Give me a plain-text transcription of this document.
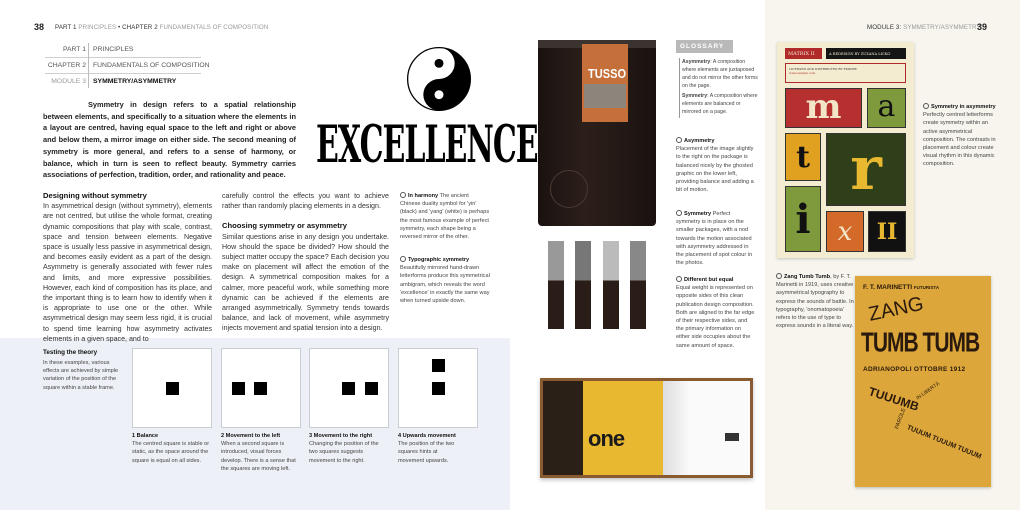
38 PART 1 PRINCIPLES • CHAPTER 2 FUNDAMENTALS OF COMPOSITION
PART 1 PRINCIPLES
CHAPTER 2 FUNDAMENTALS OF COMPOSITION
MODULE 3 SYMMETRY/ASYMMETRY
Symmetry in design refers to a spatial relationship between elements, and specifically to a situation where the elements in a layout are centred, having equal space to the left and right or above and below them, a mirror image on either side. The second meaning of symmetry is more general, and refers to a sense of harmony, or balance, which in turn is seen to reflect beauty. Symmetry carries associations of perfection, tradition, order, and rationality and peace.	EXCELLENCE
Designing without symmetry

In asymmetrical design (without symmetry), elements are not centred, but utilise the whole format, creating dynamic compositions that play with scale, contrast, space and tension between elements. Negative space is usually less passive in asymmetrical design, and becomes easily evident as a part of the design. Asymmetry is generally associated with fewer rules and limits, and more expressive possibilities. However, each kind of composition has its place, and the important thing is to learn how to identify when it is appropriate to use one or the other. While asymmetrical design may seem less rigid, it is crucial to spend time learning how asymmetry activates elements in a given space, and to

carefully control the effects you want to achieve rather than randomly placing elements in a design.

Choosing symmetry or asymmetry

Similar questions arise in any design you undertake. How should the space be divided? How should the subject matter occupy the space? Each decision you make on placement will affect the emotion of the design. A symmetrical composition makes for a calmer, more peaceful work, while something more dynamic can be achieved if the elements are arranged asymmetrically. Symmetry tends towards balance, and lack of movement, while asymmetry injects movement and spatial tension into a design.

In harmony The ancient Chinese duality symbol for 'yin' (black) and 'yang' (white) is perhaps the most famous example of perfect symmetry, each shape being a reversed mirror of the other.
Typographic symmetry
Beautifully mirrored hand-drawn letterforms produce this symmetrical ambigram, which reveals the word 'excellence' in exactly the same way when turned upside down.
Testing the theory
In these examples, various effects are achieved by simple variation of the position of the square within a stable frame.
1 Balance
The centred square is stable or static, as the space around the square is equal on all sides.
2 Movement to the left
When a second square is introduced, visual forces develop. There is a sense that the squares are moving left.
3 Movement to the right
Changing the position of the two squares suggests movement to the right.
4 Upwards movement
The position of the two squares hints at movement upwards.
MODULE 3: SYMMETRY/ASYMMETRY
39
TUSSO
GLOSSARY

Asymmetry: A composition where elements are juxtaposed and do not mirror the other forms on the page.

Symmetry: A composition where elements are balanced or mirrored on a page.

Asymmetry
Placement of the image slightly to the right on the package is balanced nicely by the ghosted graphic on the lower left, providing balance and adding a bit of motion.
Symmetry Perfect symmetry is in place on the smaller packages, with a nod towards the motion associated with asymmetry addressed in the placement of spot colour in the photos.
Different but equal
Equal weight is represented on opposite sides of this clean publication design composition. Both are aligned to the far edge of their respective sides, and the primary information on either side occupies about the same amount of space.
one
MATRIX II	A REDESIGN BY ZUZANA LICKO
LICENSED AND DISTRIBUTED BY EMIGRE
www.emigre.com
m	a
t r
i	x	II
Symmetry in asymmetry
Perfectly centred letterforms create symmetry within an active asymmetrical composition. The contrasts in placement and colour create visual rhythm in this dynamic composition.
Zang Tumb Tumb, by F. T. Marinetti in 1919, uses creative asymmetrical typography to express the sounds of battle. In typography, 'onomatopoeia' refers to the use of type to express sounds in a literal way.
F. T. MARINETTI FUTURISTA
ZANG
TUMB TUMB
ADRIANOPOLI OTTOBRE 1912
TUUUMB
IN LIBERTÀ
PAROLE
TUUUM TUUUM TUUUM
